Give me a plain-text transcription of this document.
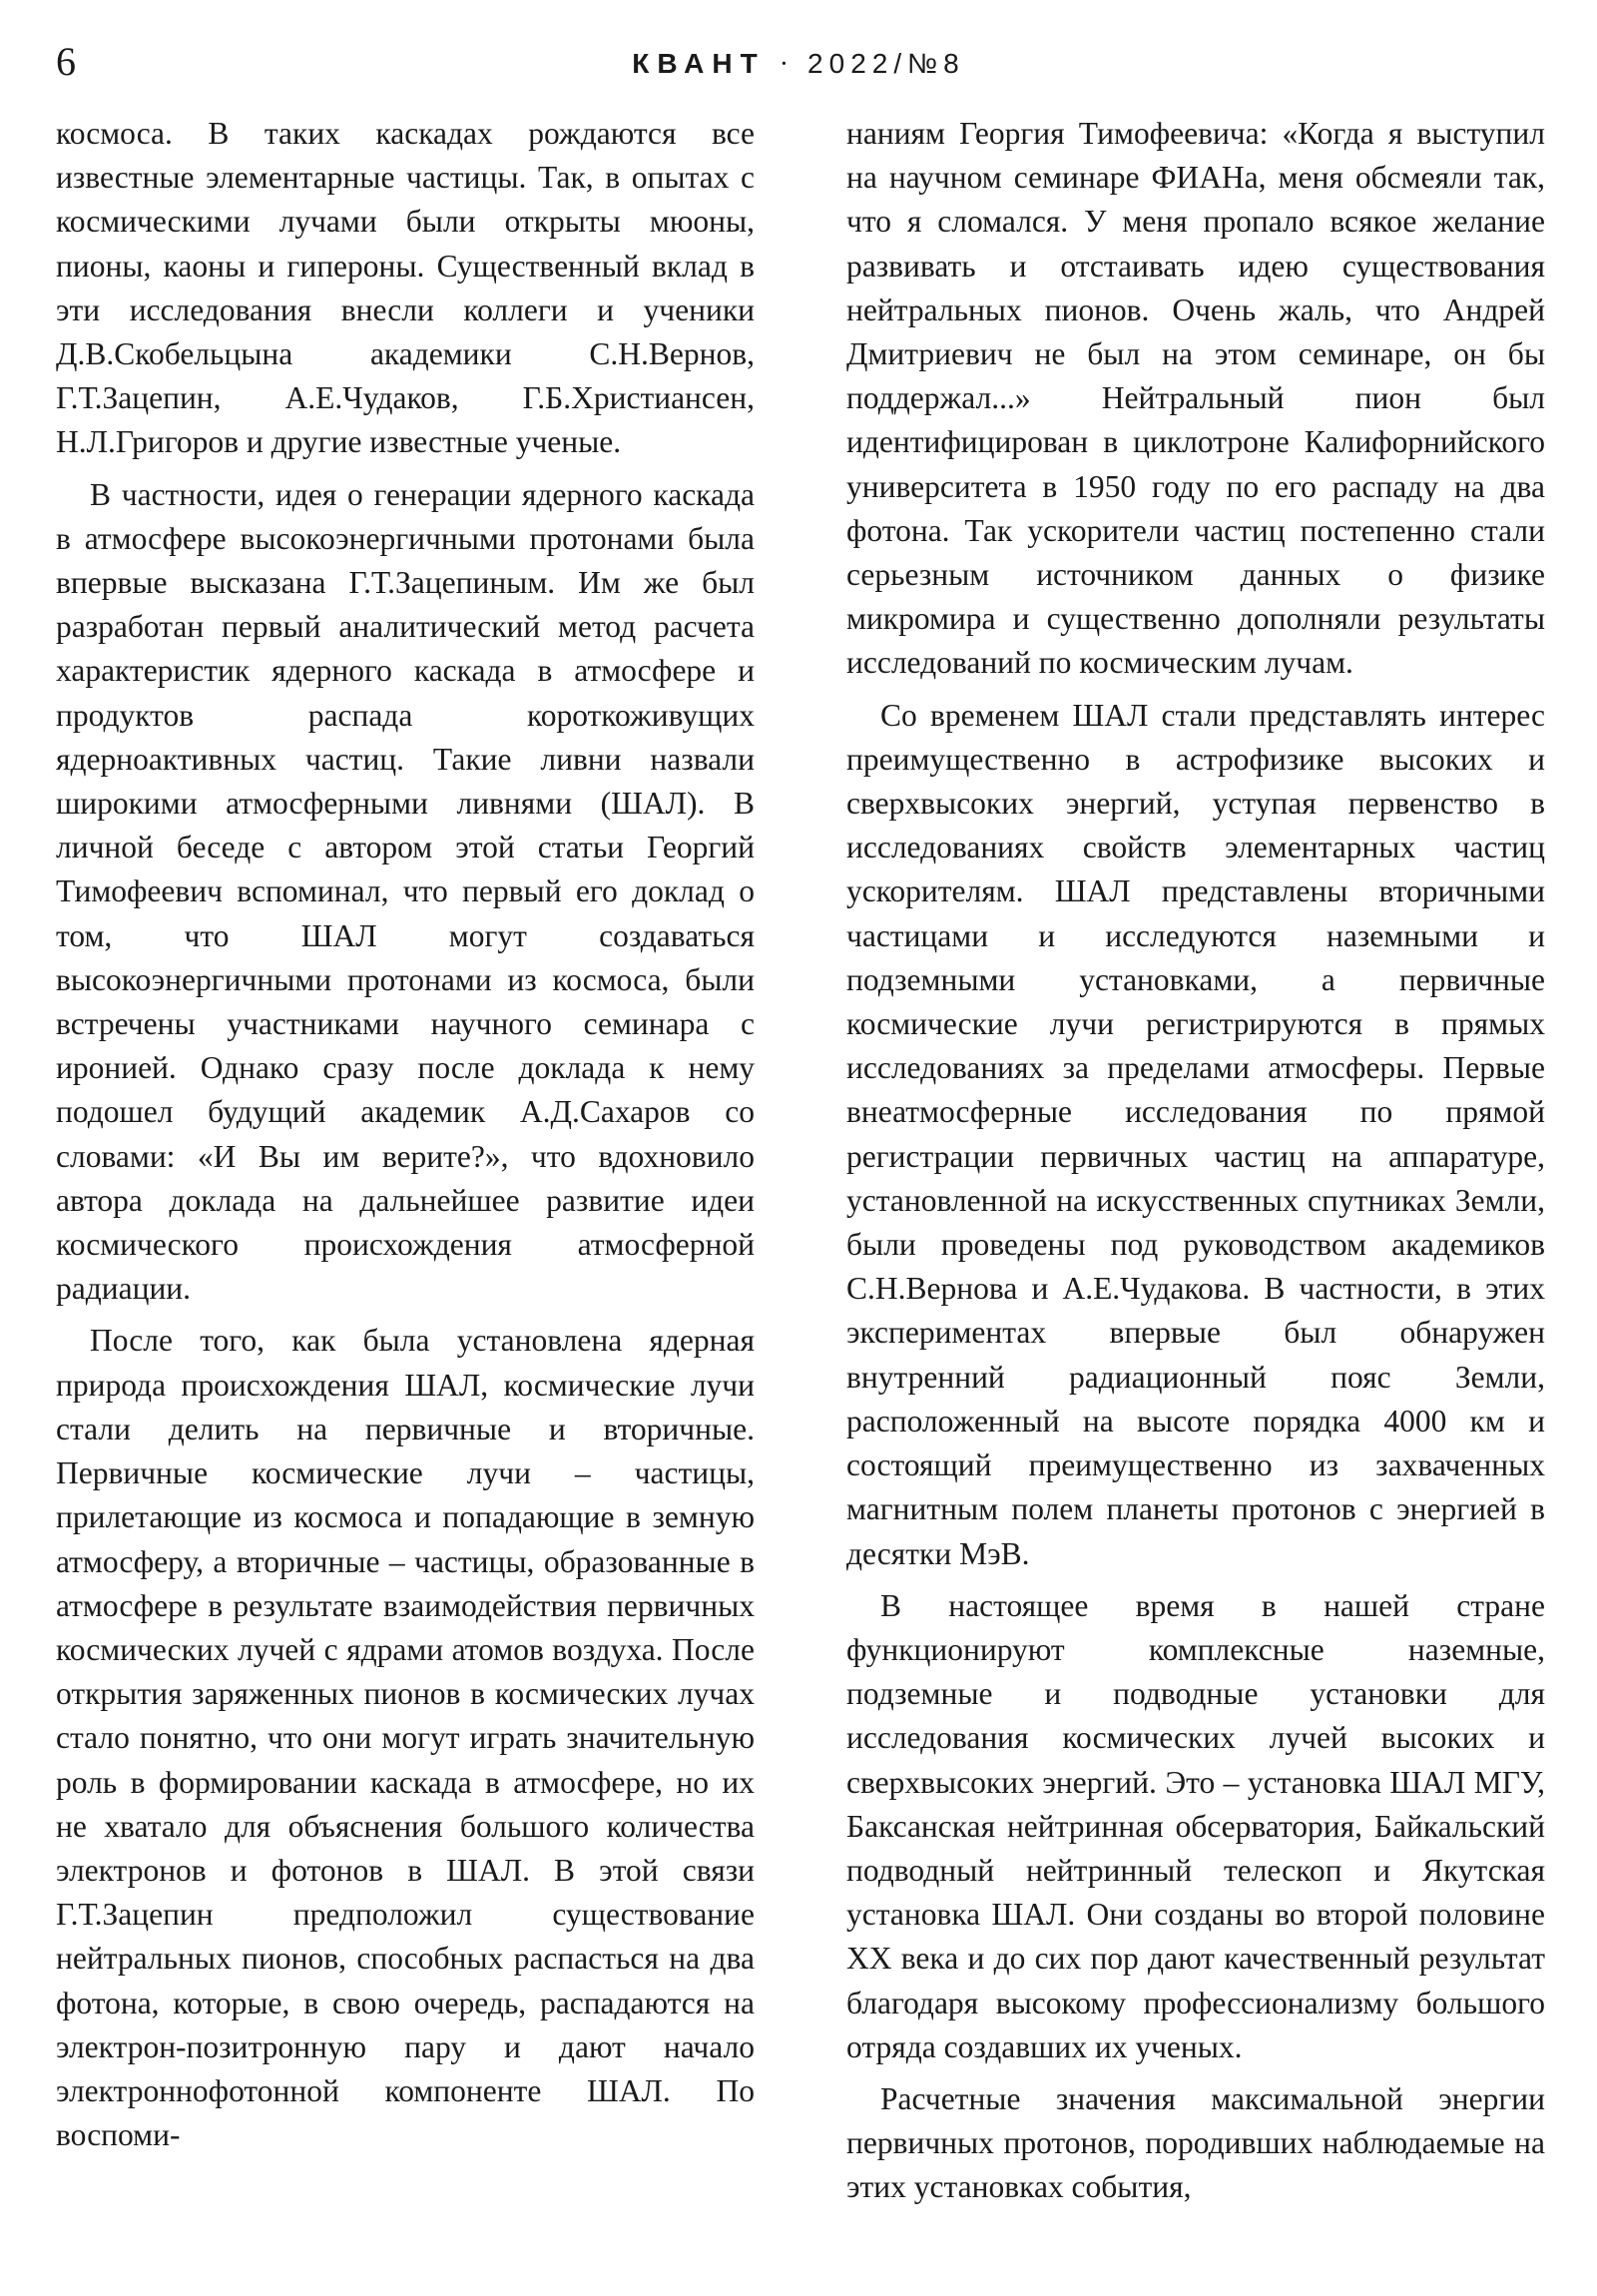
6	КВАНТ · 2022/№8

космоса. В таких каскадах рождаются все известные элементарные частицы. Так, в опытах с космическими лучами были открыты мюоны, пионы, каоны и гипероны. Существенный вклад в эти исследования внесли коллеги и ученики Д.В.Скобельцына академики С.Н.Вернов, Г.Т.Зацепин, А.Е.Чудаков, Г.Б.Христиансен, Н.Л.Григоров и другие известные ученые.

В частности, идея о генерации ядерного каскада в атмосфере высокоэнергичными протонами была впервые высказана Г.Т.Зацепиным. Им же был разработан первый аналитический метод расчета характеристик ядерного каскада в атмосфере и продуктов распада короткоживущих ядерноактивных частиц. Такие ливни назвали широкими атмосферными ливнями (ШАЛ). В личной беседе с автором этой статьи Георгий Тимофеевич вспоминал, что первый его доклад о том, что ШАЛ могут создаваться высокоэнергичными протонами из космоса, были встречены участниками научного семинара с иронией. Однако сразу после доклада к нему подошел будущий академик А.Д.Сахаров со словами: «И Вы им верите?», что вдохновило автора доклада на дальнейшее развитие идеи космического происхождения атмосферной радиации.

После того, как была установлена ядерная природа происхождения ШАЛ, космические лучи стали делить на первичные и вторичные. Первичные космические лучи – частицы, прилетающие из космоса и попадающие в земную атмосферу, а вторичные – частицы, образованные в атмосфере в результате взаимодействия первичных космических лучей с ядрами атомов воздуха. После открытия заряженных пионов в космических лучах стало понятно, что они могут играть значительную роль в формировании каскада в атмосфере, но их не хватало для объяснения большого количества электронов и фотонов в ШАЛ. В этой связи Г.Т.Зацепин предположил существование нейтральных пионов, способных распасться на два фотона, которые, в свою очередь, распадаются на электрон-позитронную пару и дают начало электроннофотонной компоненте ШАЛ. По воспоми-

наниям Георгия Тимофеевича: «Когда я выступил на научном семинаре ФИАНа, меня обсмеяли так, что я сломался. У меня пропало всякое желание развивать и отстаивать идею существования нейтральных пионов. Очень жаль, что Андрей Дмитриевич не был на этом семинаре, он бы поддержал...» Нейтральный пион был идентифицирован в циклотроне Калифорнийского университета в 1950 году по его распаду на два фотона. Так ускорители частиц постепенно стали серьезным источником данных о физике микромира и существенно дополняли результаты исследований по космическим лучам.

Со временем ШАЛ стали представлять интерес преимущественно в астрофизике высоких и сверхвысоких энергий, уступая первенство в исследованиях свойств элементарных частиц ускорителям. ШАЛ представлены вторичными частицами и исследуются наземными и подземными установками, а первичные космические лучи регистрируются в прямых исследованиях за пределами атмосферы. Первые внеатмосферные исследования по прямой регистрации первичных частиц на аппаратуре, установленной на искусственных спутниках Земли, были проведены под руководством академиков С.Н.Вернова и А.Е.Чудакова. В частности, в этих экспериментах впервые был обнаружен внутренний радиационный пояс Земли, расположенный на высоте порядка 4000 км и состоящий преимущественно из захваченных магнитным полем планеты протонов с энергией в десятки МэВ.

В настоящее время в нашей стране функционируют комплексные наземные, подземные и подводные установки для исследования космических лучей высоких и сверхвысоких энергий. Это – установка ШАЛ МГУ, Баксанская нейтринная обсерватория, Байкальский подводный нейтринный телескоп и Якутская установка ШАЛ. Они созданы во второй половине XX века и до сих пор дают качественный результат благодаря высокому профессионализму большого отряда создавших их ученых.

Расчетные значения максимальной энергии первичных протонов, породивших наблюдаемые на этих установках события,
